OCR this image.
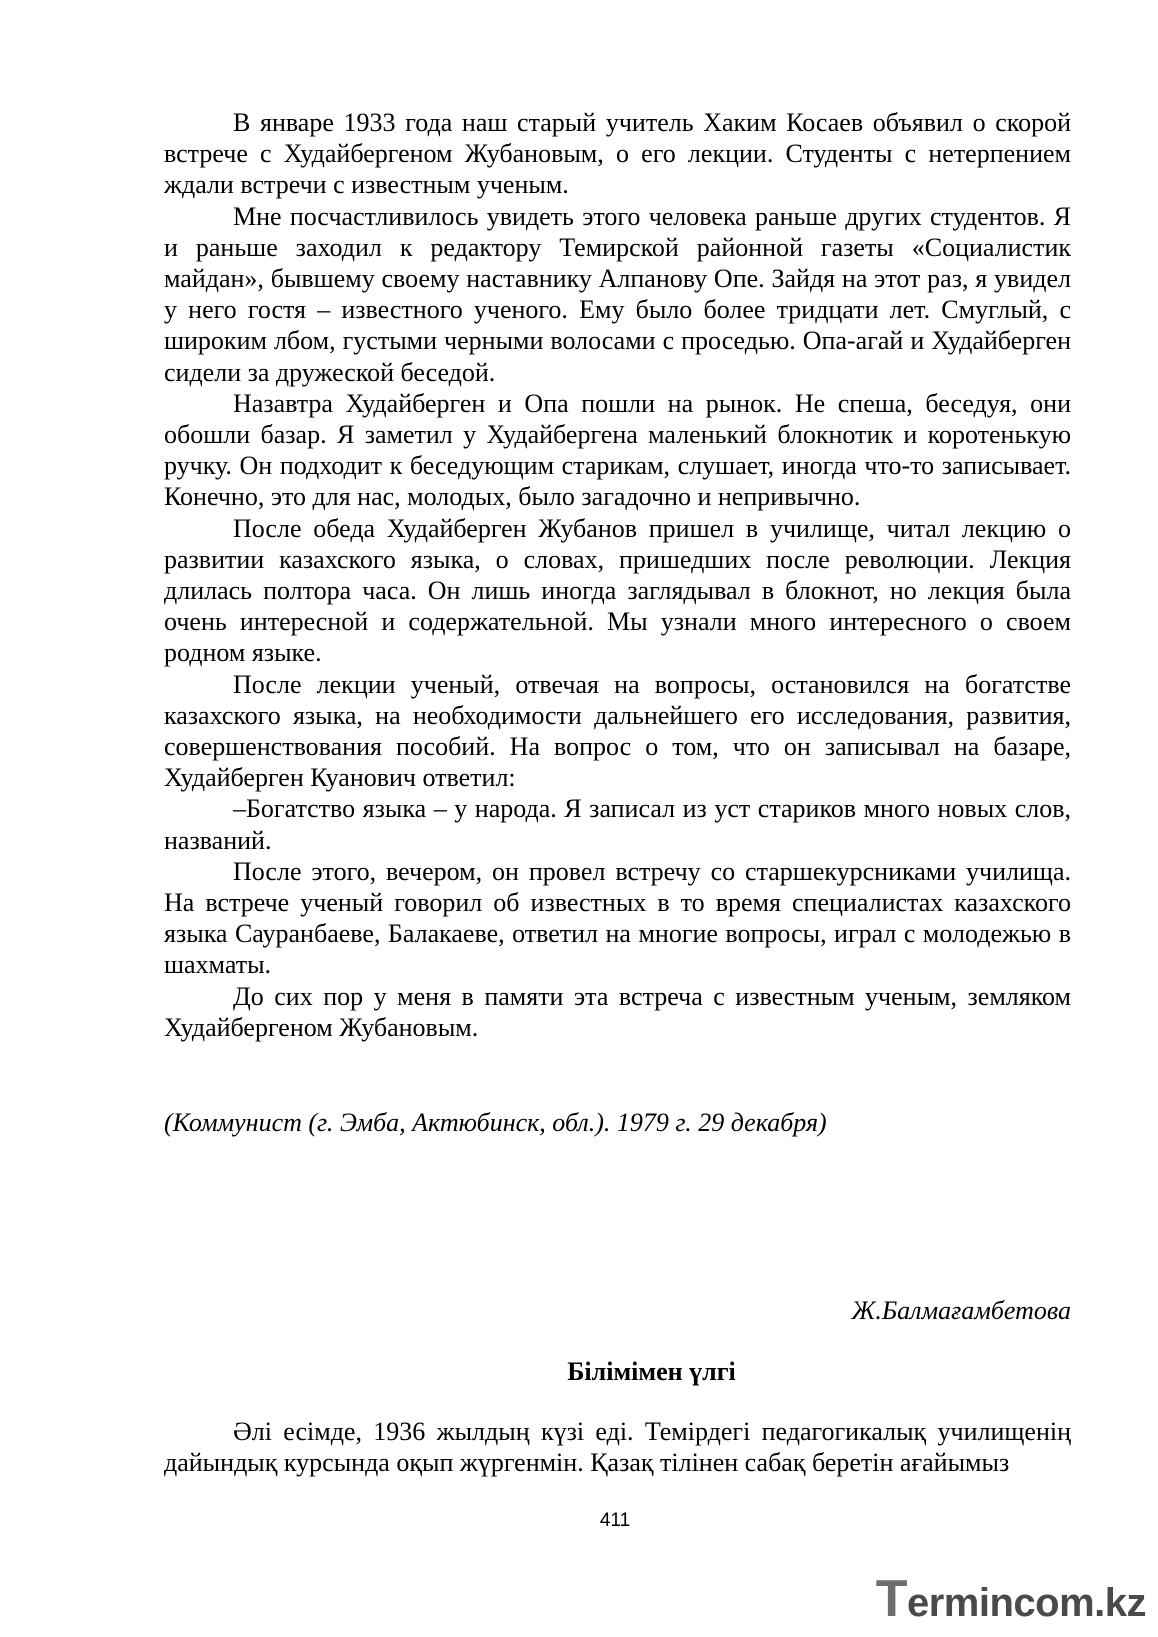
В январе 1933 года наш старый учитель Хаким Косаев объявил о скорой встрече с Худайбергеном Жубановым, о его лекции. Студенты с нетерпением ждали встречи с известным ученым.

Мне посчастливилось увидеть этого человека раньше других студентов. Я и раньше заходил к редактору Темирской районной газеты «Социалистик майдан», бывшему своему наставнику Алпанову Опе. Зайдя на этот раз, я увидел у него гостя – известного ученого. Ему было более тридцати лет. Смуглый, с широким лбом, густыми черными волосами с проседью. Опа-агай и Худайберген сидели за дружеской беседой.

Назавтра Худайберген и Опа пошли на рынок. Не спеша, беседуя, они обошли базар. Я заметил у Худайбергена маленький блокнотик и коротенькую ручку. Он подходит к беседующим старикам, слушает, иногда что-то записывает. Конечно, это для нас, молодых, было загадочно и непривычно.

После обеда Худайберген Жубанов пришел в училище, читал лекцию о развитии казахского языка, о словах, пришедших после революции. Лекция длилась полтора часа. Он лишь иногда заглядывал в блокнот, но лекция была очень интересной и содержательной. Мы узнали много интересного о своем родном языке.

После лекции ученый, отвечая на вопросы, остановился на богатстве казахского языка, на необходимости дальнейшего его исследования, развития, совершенствования пособий. На вопрос о том, что он записывал на базаре, Худайберген Куанович ответил:

–Богатство языка – у народа. Я записал из уст стариков много новых слов, названий.

После этого, вечером, он провел встречу со старшекурсниками училища. На встрече ученый говорил об известных в то время специалистах казахского языка Сауранбаеве, Балакаеве, ответил на многие вопросы, играл с молодежью в шахматы.

До сих пор у меня в памяти эта встреча с известным ученым, земляком Худайбергеном Жубановым.

(Коммунист (г. Эмба, Актюбинск, обл.). 1979 г. 29 декабря)

Ж.Балмағамбетова

Білімімен үлгі

Әлі есімде, 1936 жылдың күзі еді. Темірдегі педагогикалық училищенің дайындық курсында оқып жүргенмін. Қазақ тілінен сабақ беретін ағайымыз

411

Termincom.kz
